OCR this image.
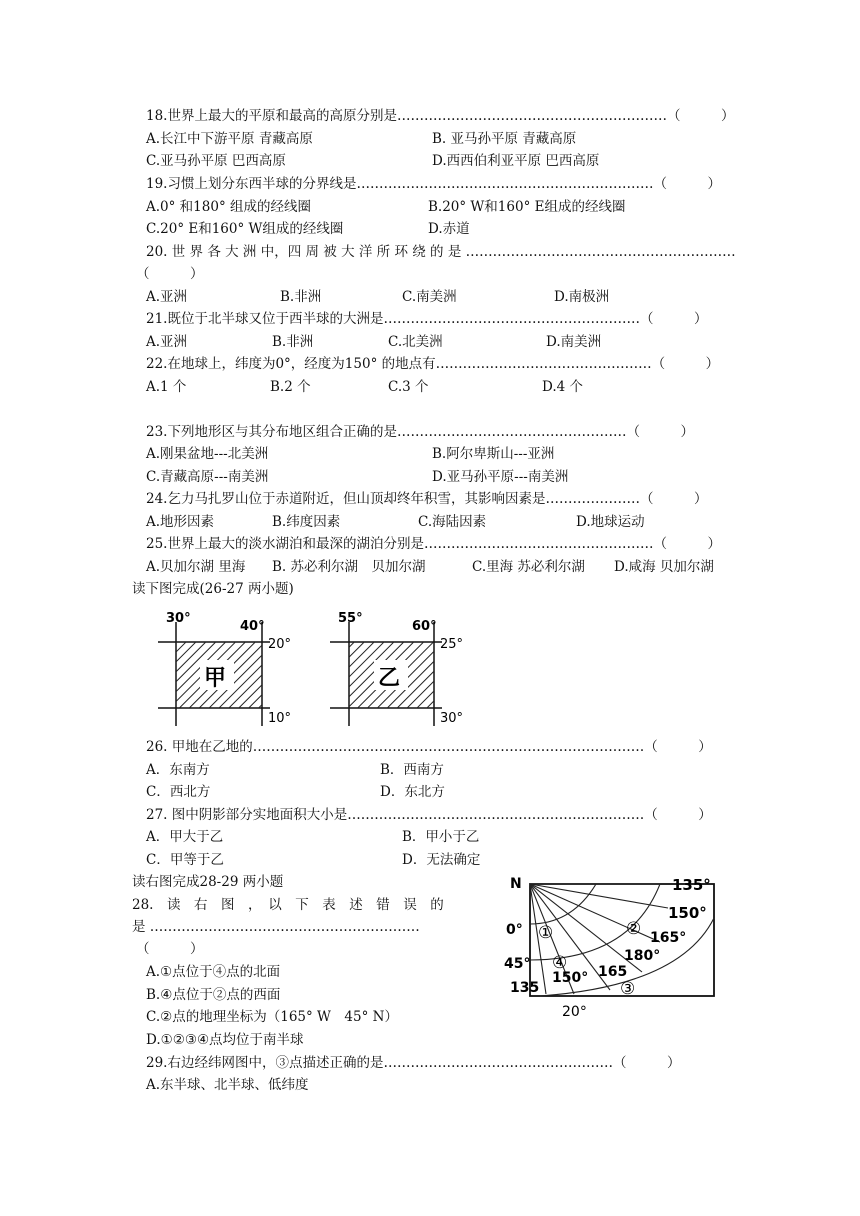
18.世界上最大的平原和最高的高原分别是……………………………………………………（　　　）
A.长江中下游平原 青藏高原	B. 亚马孙平原 青藏高原
C.亚马孙平原 巴西高原	D.西西伯利亚平原 巴西高原
19.习惯上划分东西半球的分界线是…………………………………………………………（　　　）
A.0° 和180° 组成的经线圈	B.20° W和160° E组成的经线圈
C.20° E和160° W组成的经线圈	D.赤道
20. 世 界 各 大 洲 中，四 周 被 大 洋 所 环 绕 的 是 ……………………………………………………
（　　　）
A.亚洲	B.非洲	C.南美洲	D.南极洲
21.既位于北半球又位于西半球的大洲是…………………………………………………（　　　）
A.亚洲	B.非洲	C.北美洲	D.南美洲
22.在地球上，纬度为0°，经度为150° 的地点有…………………………………………（　　　）
A.1 个	B.2 个	C.3 个	D.4 个
23.下列地形区与其分布地区组合正确的是……………………………………………（　　　）
A.刚果盆地---北美洲	B.阿尔卑斯山---亚洲
C.青藏高原---南美洲	D.亚马孙平原---南美洲
24.乞力马扎罗山位于赤道附近，但山顶却终年积雪，其影响因素是…………………（　　　）
A.地形因素	B.纬度因素	C.海陆因素	D.地球运动
25.世界上最大的淡水湖泊和最深的湖泊分别是……………………………………………（　　　）
A.贝加尔湖 里海 B. 苏必利尔湖　贝加尔湖	C.里海 苏必利尔湖 D.咸海 贝加尔湖
读下图完成(26-27 两小题)
30°
40°
20°
10°
甲
55°
60°
25°
30°
乙
26. 甲地在乙地的……………………………………………………………………………（　　　）
A．东南方	B．西南方
C．西北方	D．东北方
27. 图中阴影部分实地面积大小是…………………………………………………………（　　　）
A．甲大于乙	B．甲小于乙
C．甲等于乙	D．无法确定
读右图完成28-29 两小题
28.　读　右　图　，　以　下　表　述　错　误　的
是 ……………………………………………………
（　　　）
A.①点位于④点的北面
B.④点位于②点的西面
C.②点的地理坐标为（165° W　45° N）
D.①②③④点均位于南半球
N	135°
150°
165°
180°
165
150°
135
0°
45°
20°
①	②
③
④
29.右边经纬网图中，③点描述正确的是……………………………………………（　　　）
A.东半球、北半球、低纬度
